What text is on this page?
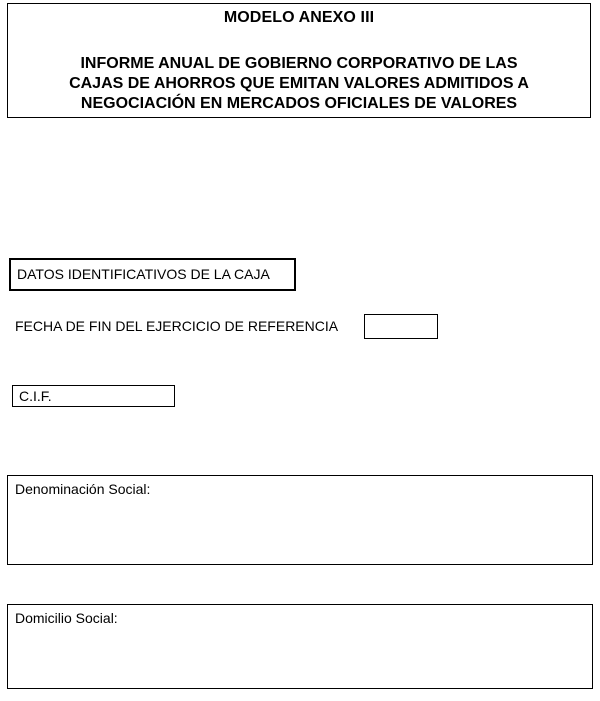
MODELO ANEXO III
INFORME ANUAL DE GOBIERNO CORPORATIVO DE LAS
CAJAS DE AHORROS QUE EMITAN VALORES ADMITIDOS A
NEGOCIACIÓN EN MERCADOS OFICIALES DE VALORES
DATOS IDENTIFICATIVOS DE LA CAJA
FECHA DE FIN DEL EJERCICIO DE REFERENCIA
C.I.F.
Denominación Social:
Domicilio Social:
